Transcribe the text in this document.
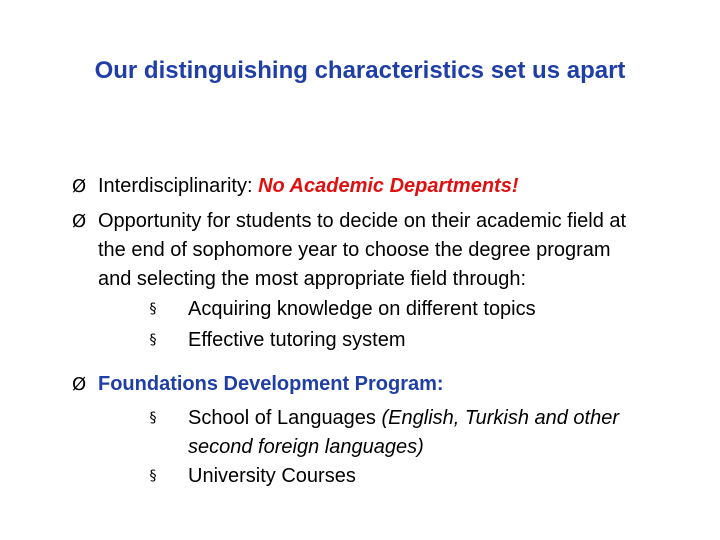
Our distinguishing characteristics set us apart
Ø Interdisciplinarity: No Academic Departments!
Ø Opportunity for students to decide on their academic field at
the end of sophomore year to choose the degree program
and selecting the most appropriate field through:
§ Acquiring knowledge on different topics
§ Effective tutoring system
Ø Foundations Development Program:
§ School of Languages (English, Turkish and other
second foreign languages)
§ University Courses
